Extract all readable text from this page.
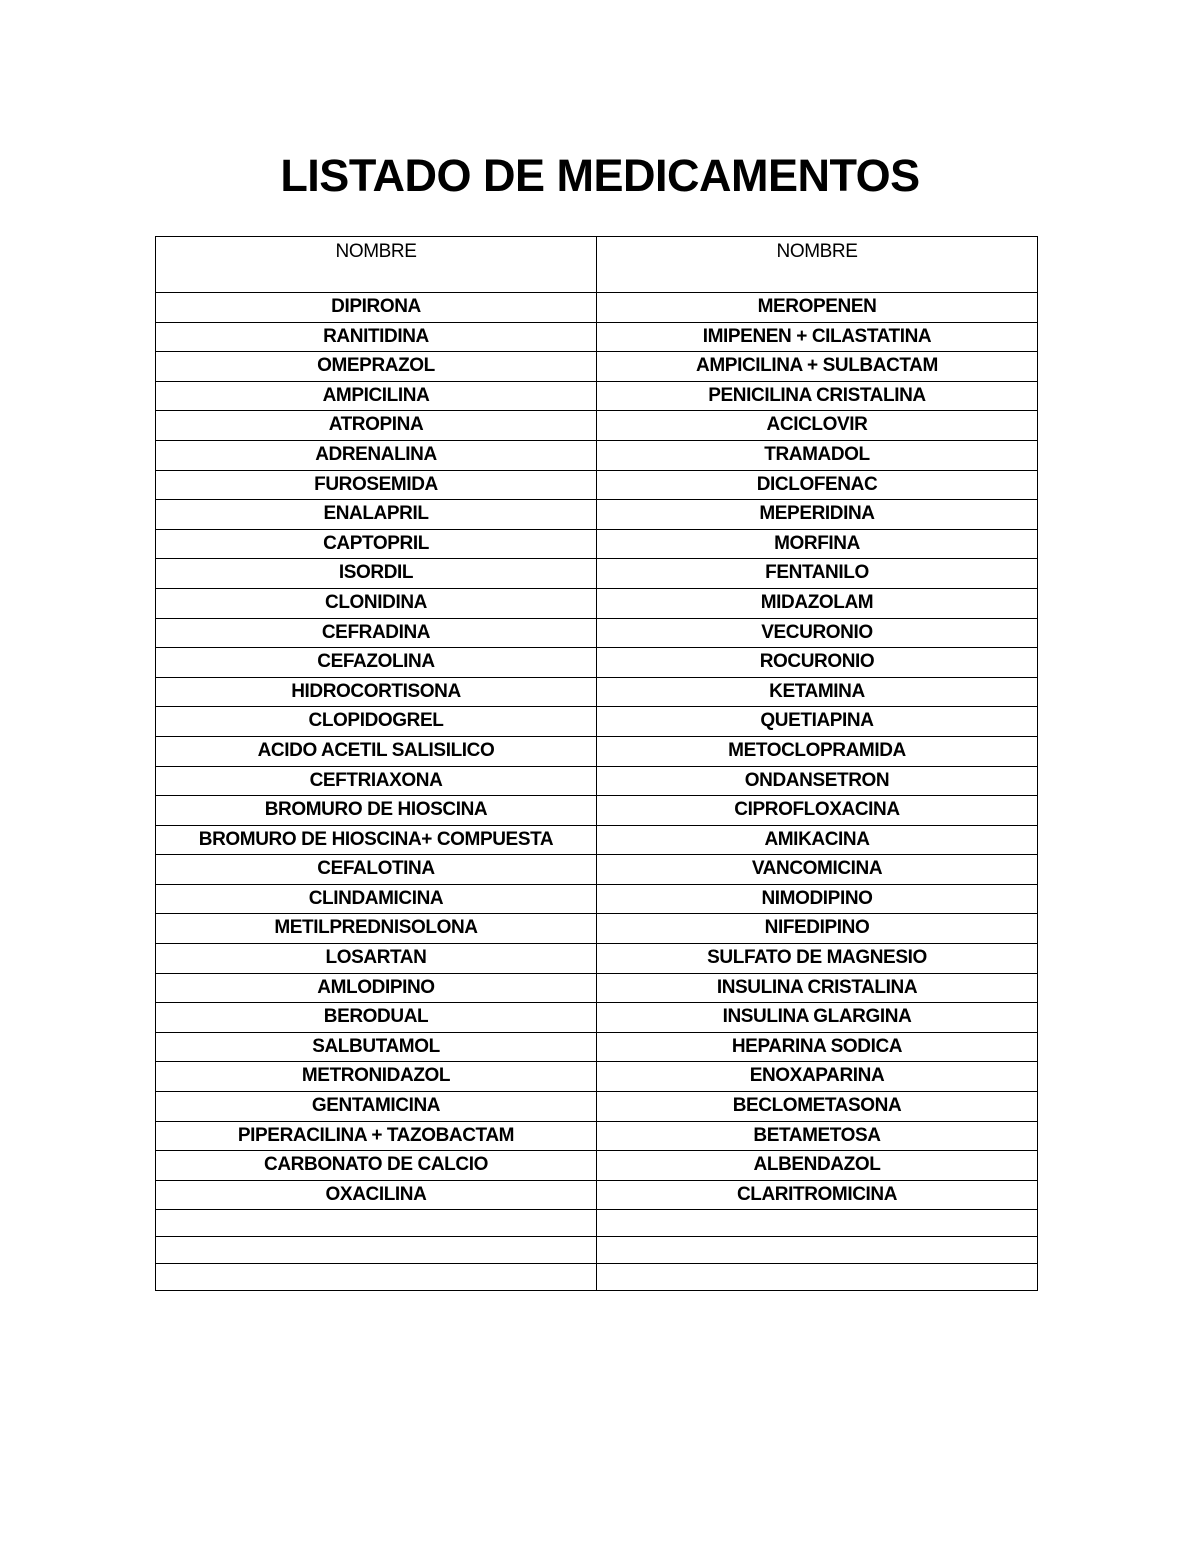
LISTADO DE MEDICAMENTOS
NOMBRE	NOMBRE
DIPIRONA	MEROPENEN
RANITIDINA	IMIPENEN + CILASTATINA
OMEPRAZOL	AMPICILINA + SULBACTAM
AMPICILINA	PENICILINA CRISTALINA
ATROPINA	ACICLOVIR
ADRENALINA	TRAMADOL
FUROSEMIDA	DICLOFENAC
ENALAPRIL	MEPERIDINA
CAPTOPRIL	MORFINA
ISORDIL	FENTANILO
CLONIDINA	MIDAZOLAM
CEFRADINA	VECURONIO
CEFAZOLINA	ROCURONIO
HIDROCORTISONA	KETAMINA
CLOPIDOGREL	QUETIAPINA
ACIDO ACETIL SALISILICO	METOCLOPRAMIDA
CEFTRIAXONA	ONDANSETRON
BROMURO DE HIOSCINA	CIPROFLOXACINA
BROMURO DE HIOSCINA+ COMPUESTA	AMIKACINA
CEFALOTINA	VANCOMICINA
CLINDAMICINA	NIMODIPINO
METILPREDNISOLONA	NIFEDIPINO
LOSARTAN	SULFATO DE MAGNESIO
AMLODIPINO	INSULINA CRISTALINA
BERODUAL	INSULINA GLARGINA
SALBUTAMOL	HEPARINA SODICA
METRONIDAZOL	ENOXAPARINA
GENTAMICINA	BECLOMETASONA
PIPERACILINA + TAZOBACTAM	BETAMETOSA
CARBONATO DE CALCIO	ALBENDAZOL
OXACILINA	CLARITROMICINA
